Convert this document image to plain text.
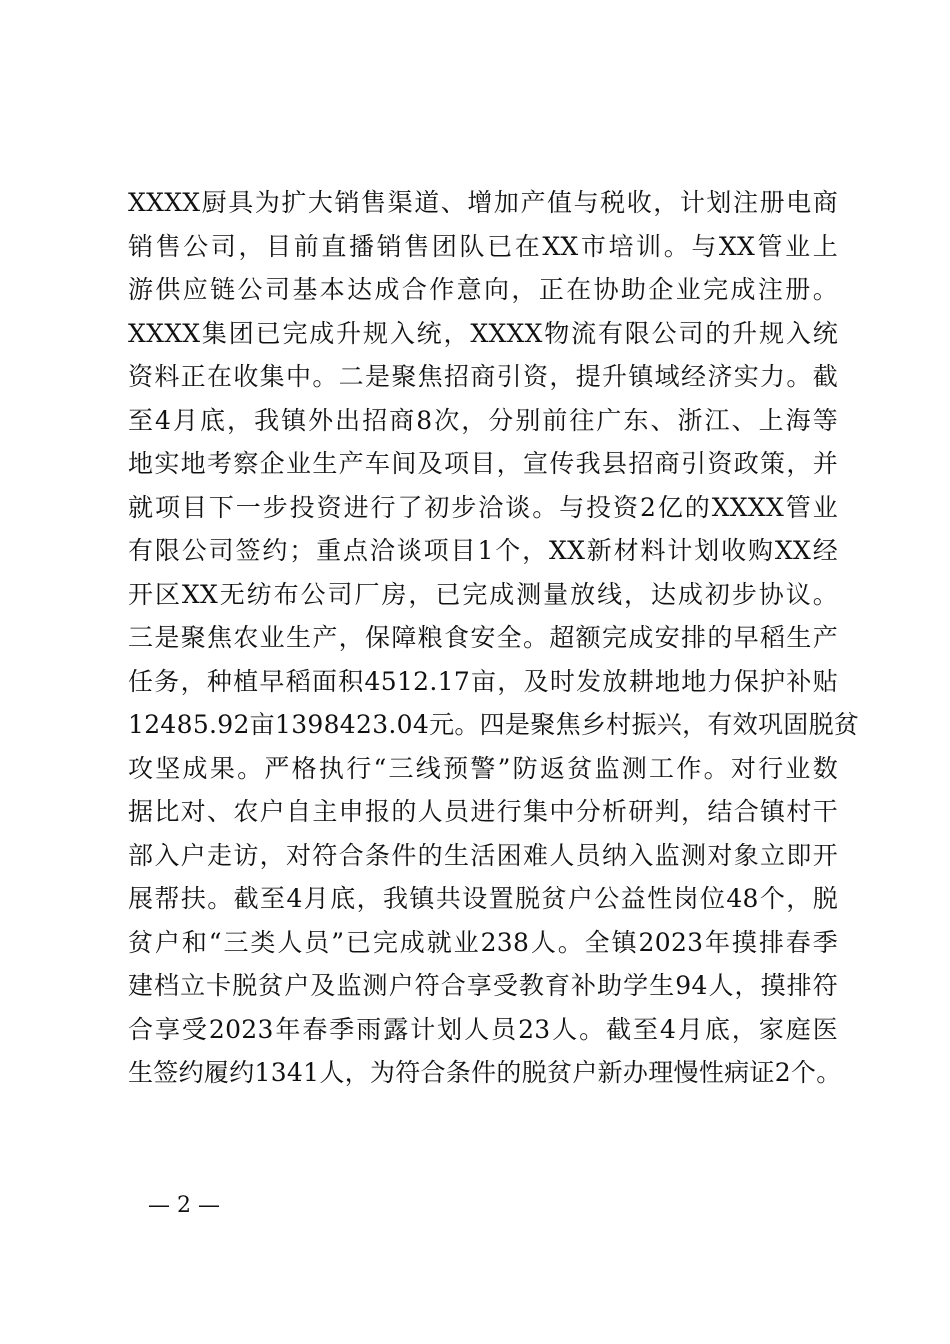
XXXX厨具为扩大销售渠道、增加产值与税收，计划注册电商
销售公司，目前直播销售团队已在XX市培训。与XX管业上
游供应链公司基本达成合作意向，正在协助企业完成注册。
XXXX集团已完成升规入统，XXXX物流有限公司的升规入统
资料正在收集中。二是聚焦招商引资，提升镇域经济实力。截
至4月底，我镇外出招商8次，分别前往广东、浙江、上海等
地实地考察企业生产车间及项目，宣传我县招商引资政策，并
就项目下一步投资进行了初步洽谈。与投资2亿的XXXX管业
有限公司签约；重点洽谈项目1个，XX新材料计划收购XX经
开区XX无纺布公司厂房，已完成测量放线，达成初步协议。
三是聚焦农业生产，保障粮食安全。超额完成安排的早稻生产
任务，种植早稻面积4512.17亩，及时发放耕地地力保护补贴
12485.92亩1398423.04元。四是聚焦乡村振兴，有效巩固脱贫
攻坚成果。严格执行“三线预警”防返贫监测工作。对行业数
据比对、农户自主申报的人员进行集中分析研判，结合镇村干
部入户走访，对符合条件的生活困难人员纳入监测对象立即开
展帮扶。截至4月底，我镇共设置脱贫户公益性岗位48个，脱
贫户和“三类人员”已完成就业238人。全镇2023年摸排春季
建档立卡脱贫户及监测户符合享受教育补助学生94人，摸排符
合享受2023年春季雨露计划人员23人。截至4月底，家庭医
生签约履约1341人，为符合条件的脱贫户新办理慢性病证2个。
— 2 —
